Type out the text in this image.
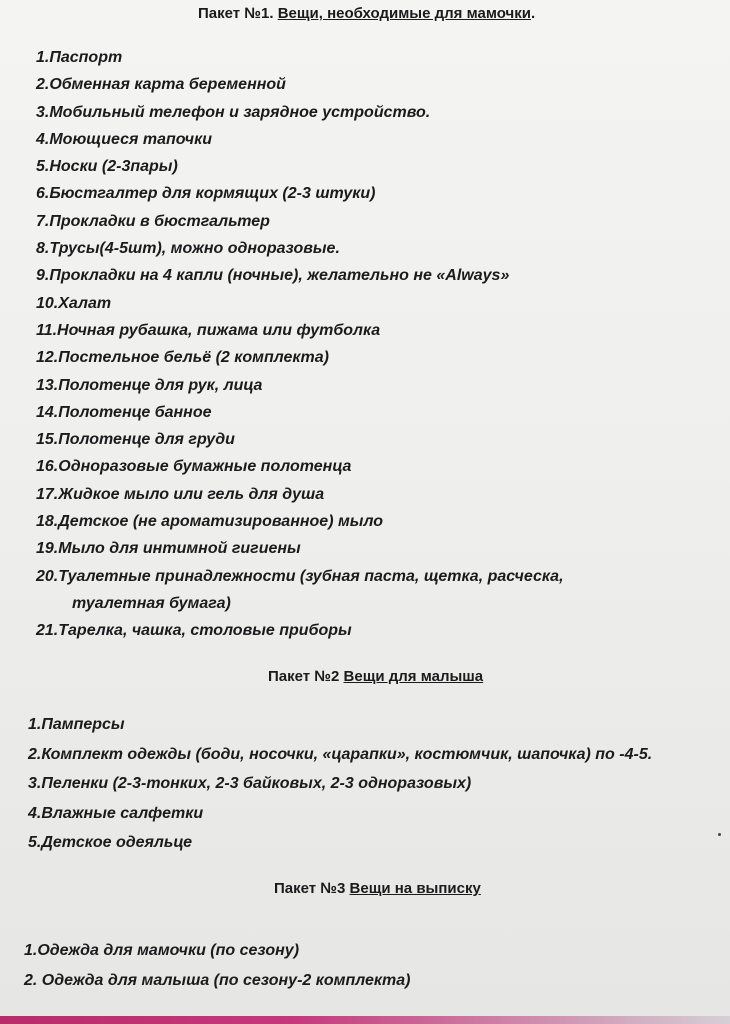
Пакет №1. Вещи, необходимые для мамочки.
1.Паспорт
2.Обменная карта беременной
3.Мобильный телефон и зарядное устройство.
4.Моющиеся тапочки
5.Носки (2-3пары)
6.Бюстгалтер для кормящих (2-3 штуки)
7.Прокладки в бюстгальтер
8.Трусы(4-5шт), можно одноразовые.
9.Прокладки на 4 капли (ночные), желательно не «Always»
10.Халат
11.Ночная рубашка, пижама или футболка
12.Постельное бельё (2 комплекта)
13.Полотенце для рук, лица
14.Полотенце банное
15.Полотенце для груди
16.Одноразовые бумажные полотенца
17.Жидкое мыло или гель для душа
18.Детское (не ароматизированное) мыло
19.Мыло для интимной гигиены
20.Туалетные принадлежности (зубная паста, щетка, расческа,
туалетная бумага)
21.Тарелка, чашка, столовые приборы
Пакет №2 Вещи для малыша
1.Памперсы
2.Комплект одежды (боди, носочки, «царапки», костюмчик, шапочка) по -4-5.
3.Пеленки (2-3-тонких, 2-3 байковых, 2-3 одноразовых)
4.Влажные салфетки
5.Детское одеяльце
Пакет №3 Вещи на выписку
1.Одежда для мамочки (по сезону)
2. Одежда для малыша (по сезону-2 комплекта)
